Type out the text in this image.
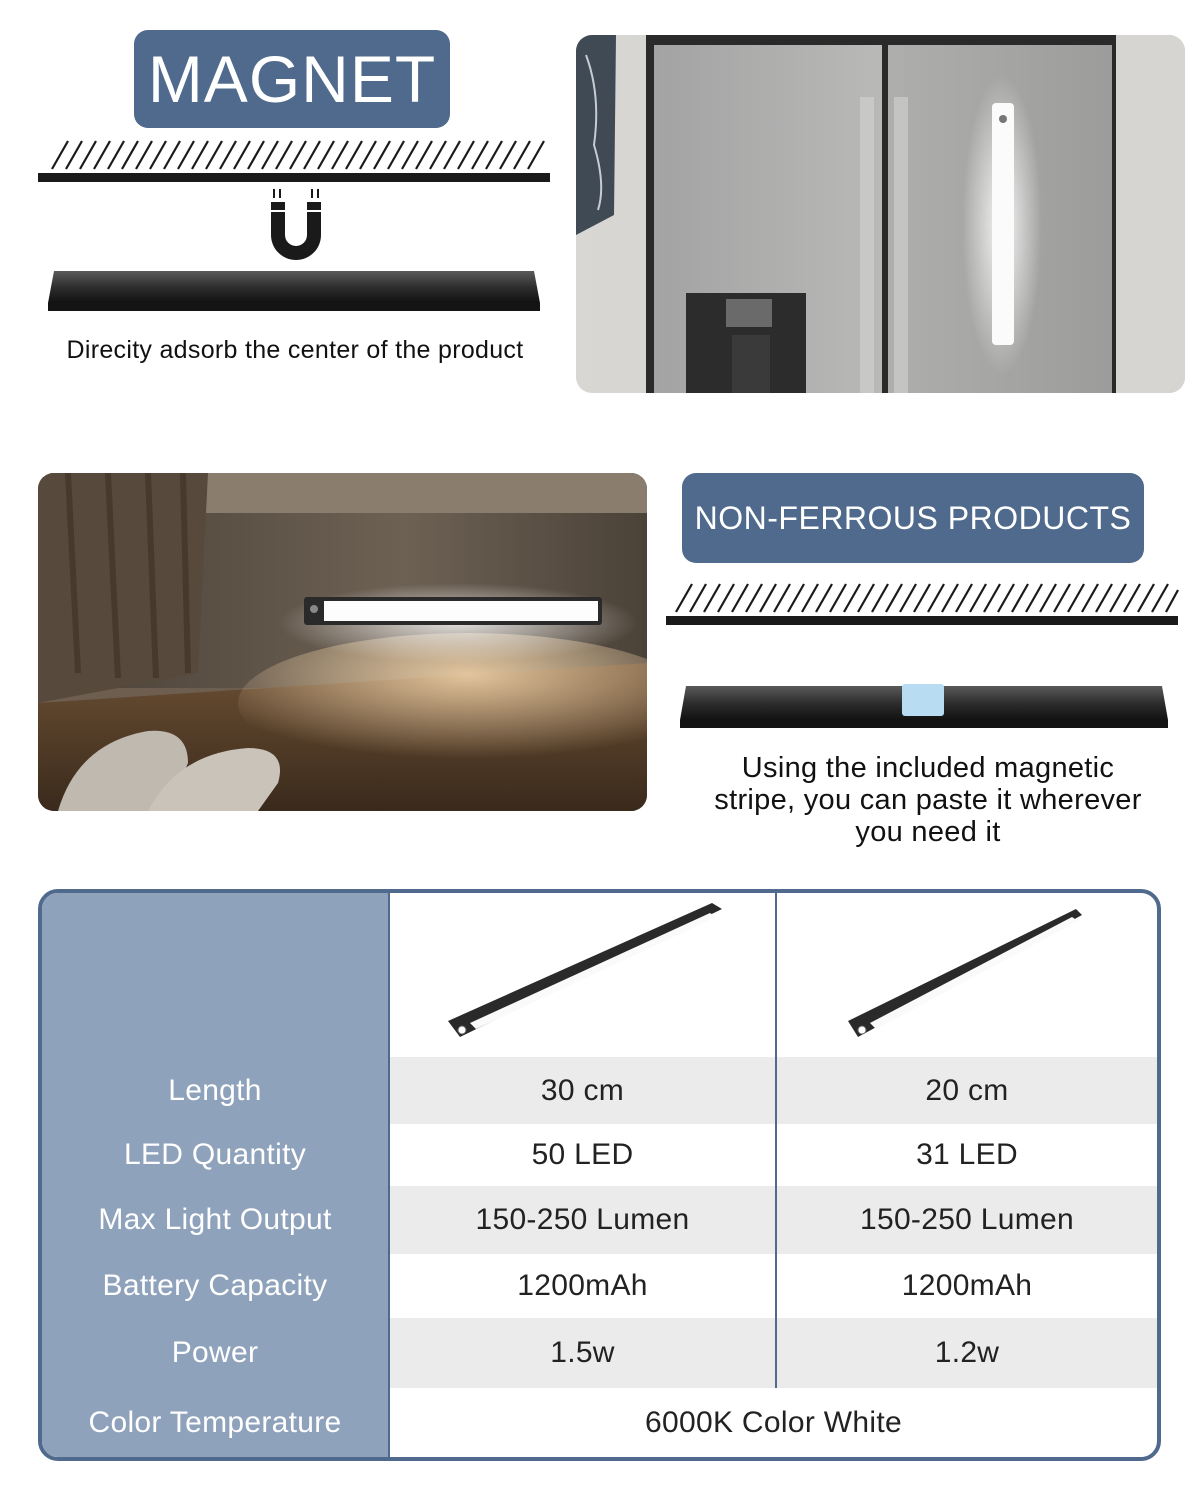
MAGNET
Direcity adsorb the center of the product
NON-FERROUS PRODUCTS
Using the included magnetic
stripe, you can paste it wherever
you need it
Length	30 cm	20 cm
LED Quantity	50 LED	31 LED
Max Light Output	150-250 Lumen	150-250 Lumen
Battery Capacity	1200mAh	1200mAh
Power	1.5w	1.2w
Color Temperature	6000K Color White
